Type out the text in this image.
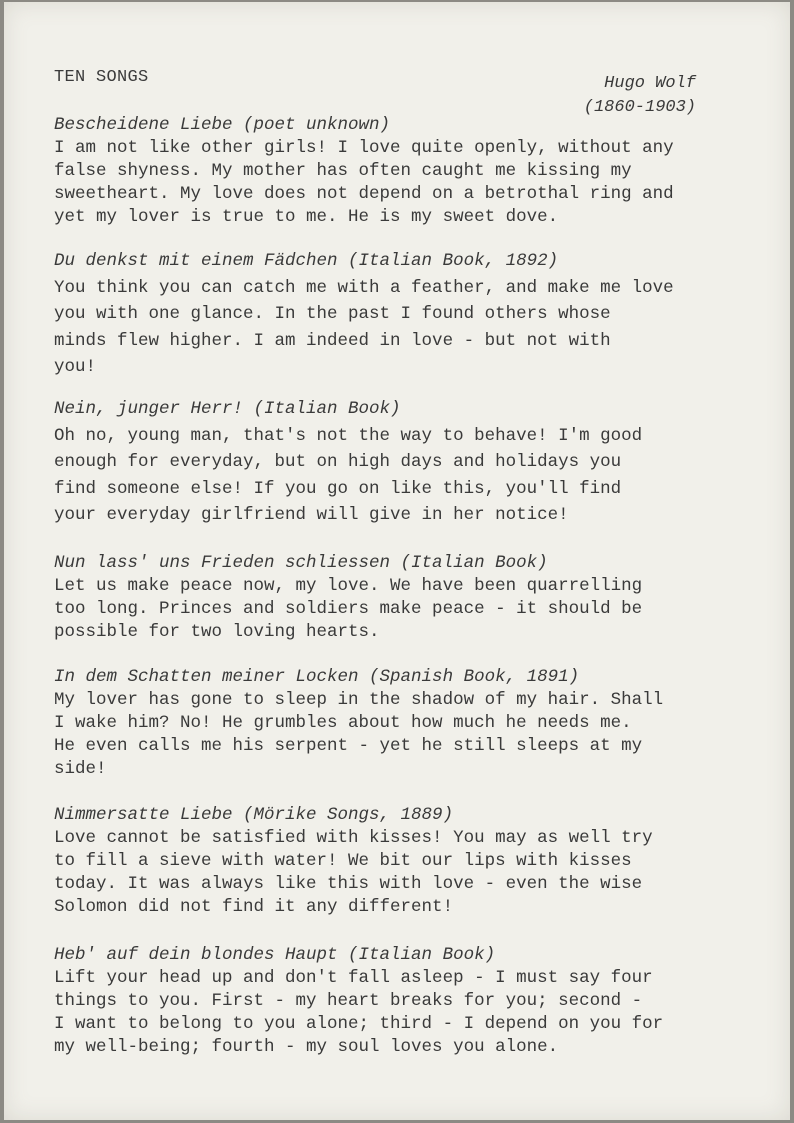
TEN SONGS	Hugo Wolf
(1860-1903)
Bescheidene Liebe (poet unknown)
I am not like other girls! I love quite openly, without any
false shyness. My mother has often caught me kissing my
sweetheart. My love does not depend on a betrothal ring and
yet my lover is true to me. He is my sweet dove.
Du denkst mit einem Fädchen (Italian Book, 1892)
You think you can catch me with a feather, and make me love
you with one glance. In the past I found others whose
minds flew higher. I am indeed in love - but not with
you!
Nein, junger Herr! (Italian Book)
Oh no, young man, that's not the way to behave! I'm good
enough for everyday, but on high days and holidays you
find someone else! If you go on like this, you'll find
your everyday girlfriend will give in her notice!
Nun lass' uns Frieden schliessen (Italian Book)
Let us make peace now, my love. We have been quarrelling
too long. Princes and soldiers make peace - it should be
possible for two loving hearts.
In dem Schatten meiner Locken (Spanish Book, 1891)
My lover has gone to sleep in the shadow of my hair. Shall
I wake him? No! He grumbles about how much he needs me.
He even calls me his serpent - yet he still sleeps at my
side!
Nimmersatte Liebe (Mörike Songs, 1889)
Love cannot be satisfied with kisses! You may as well try
to fill a sieve with water! We bit our lips with kisses
today. It was always like this with love - even the wise
Solomon did not find it any different!
Heb' auf dein blondes Haupt (Italian Book)
Lift your head up and don't fall asleep - I must say four
things to you. First - my heart breaks for you; second -
I want to belong to you alone; third - I depend on you for
my well-being; fourth - my soul loves you alone.
